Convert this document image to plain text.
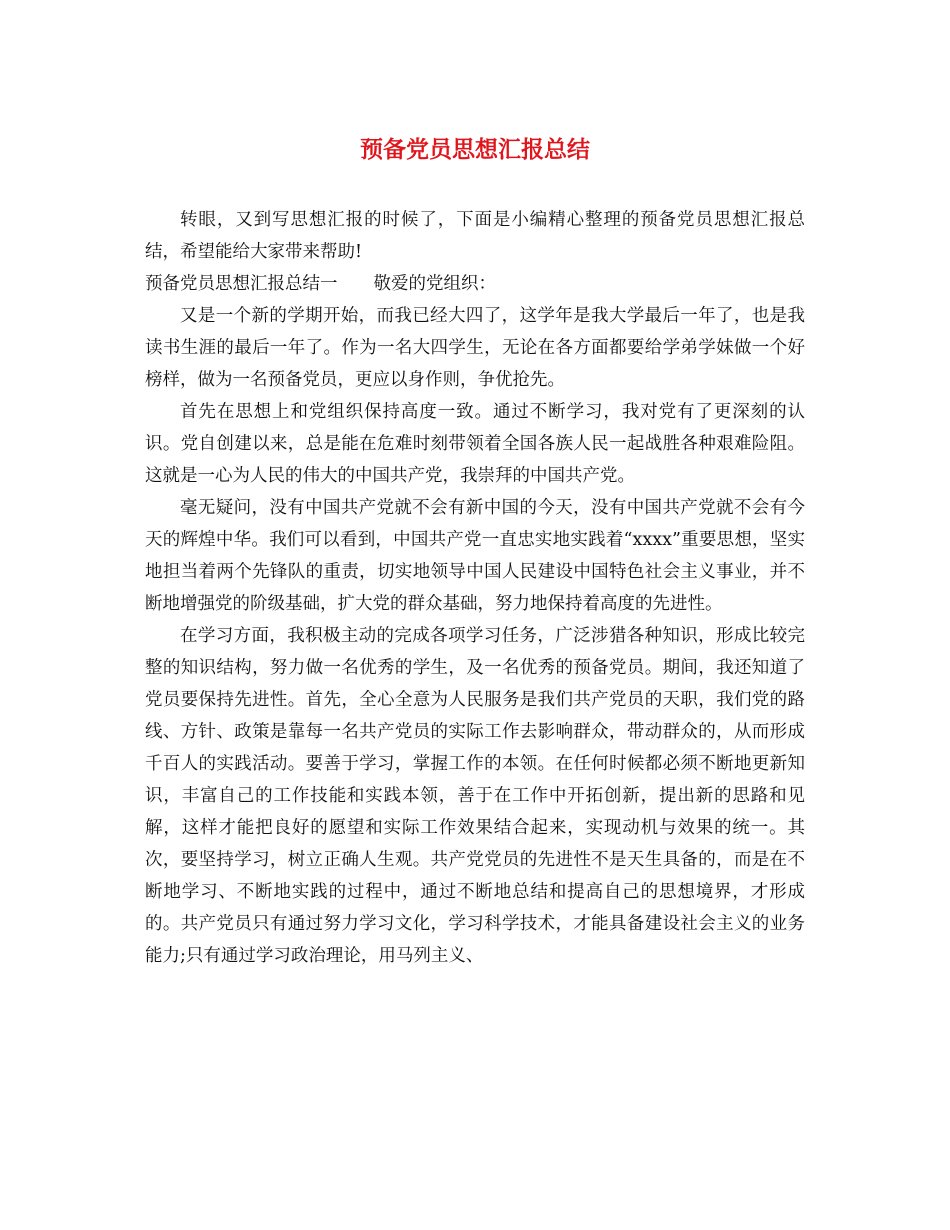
预备党员思想汇报总结

转眼，又到写思想汇报的时候了，下面是小编精心整理的预备党员思想汇报总结，希望能给大家带来帮助!

预备党员思想汇报总结一 敬爱的党组织：

又是一个新的学期开始，而我已经大四了，这学年是我大学最后一年了，也是我读书生涯的最后一年了。作为一名大四学生，无论在各方面都要给学弟学妹做一个好榜样，做为一名预备党员，更应以身作则，争优抢先。

首先在思想上和党组织保持高度一致。通过不断学习，我对党有了更深刻的认识。党自创建以来，总是能在危难时刻带领着全国各族人民一起战胜各种艰难险阻。这就是一心为人民的伟大的中国共产党，我崇拜的中国共产党。

毫无疑问，没有中国共产党就不会有新中国的今天，没有中国共产党就不会有今天的辉煌中华。我们可以看到，中国共产党一直忠实地实践着“xxxx”重要思想，坚实地担当着两个先锋队的重责，切实地领导中国人民建设中国特色社会主义事业，并不断地增强党的阶级基础，扩大党的群众基础，努力地保持着高度的先进性。

在学习方面，我积极主动的完成各项学习任务，广泛涉猎各种知识，形成比较完整的知识结构，努力做一名优秀的学生，及一名优秀的预备党员。期间，我还知道了党员要保持先进性。首先，全心全意为人民服务是我们共产党员的天职，我们党的路线、方针、政策是靠每一名共产党员的实际工作去影响群众，带动群众的，从而形成千百人的实践活动。要善于学习，掌握工作的本领。在任何时候都必须不断地更新知识，丰富自己的工作技能和实践本领，善于在工作中开拓创新，提出新的思路和见解，这样才能把良好的愿望和实际工作效果结合起来，实现动机与效果的统一。其次，要坚持学习，树立正确人生观。共产党党员的先进性不是天生具备的，而是在不断地学习、不断地实践的过程中，通过不断地总结和提高自己的思想境界，才形成的。共产党员只有通过努力学习文化，学习科学技术，才能具备建设社会主义的业务能力;只有通过学习政治理论，用马列主义、
